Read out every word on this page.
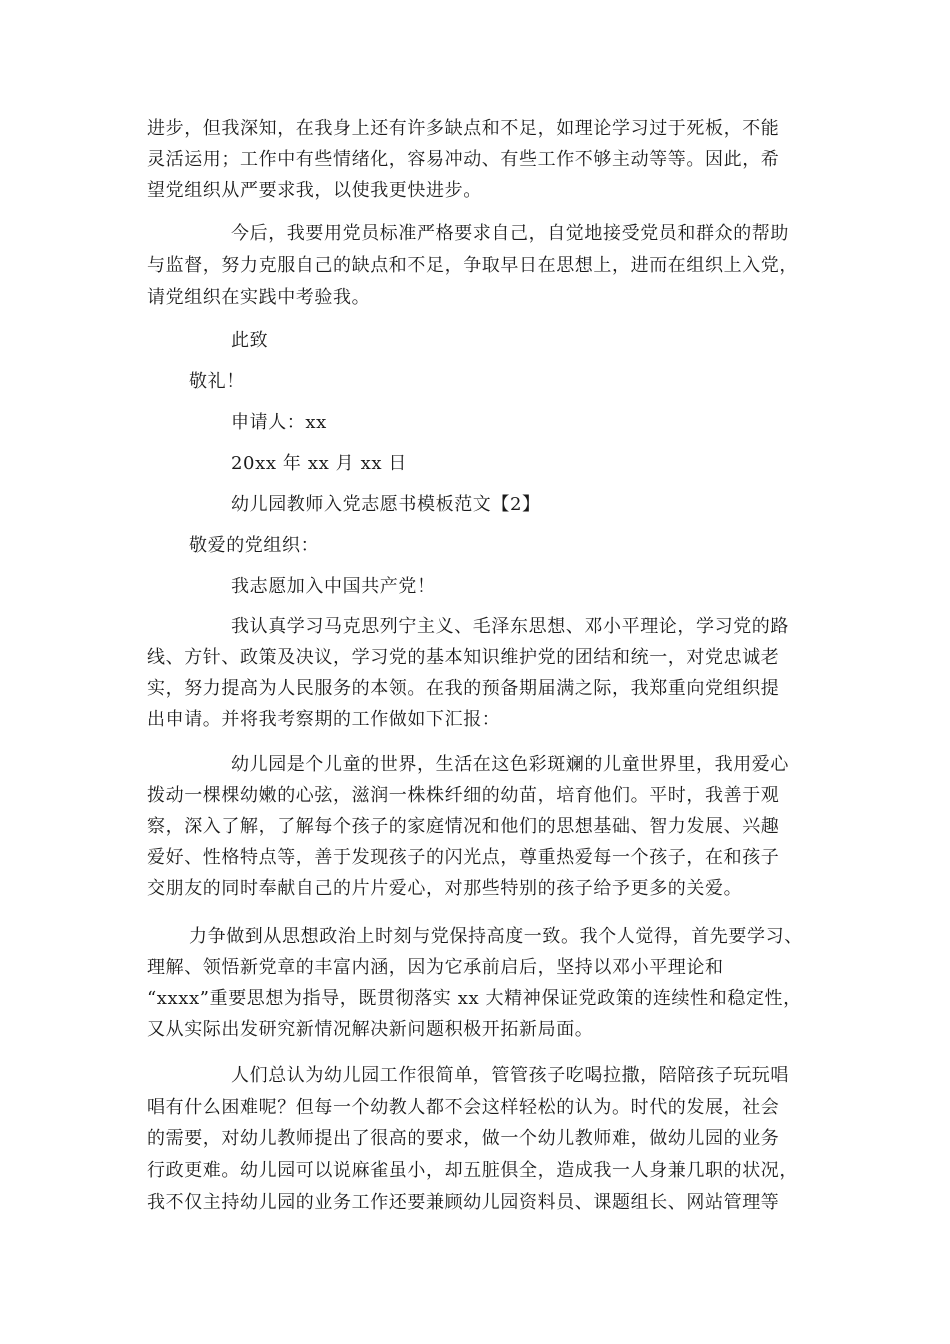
进步，但我深知，在我身上还有许多缺点和不足，如理论学习过于死板，不能
灵活运用；工作中有些情绪化，容易冲动、有些工作不够主动等等。因此，希
望党组织从严要求我，以使我更快进步。
今后，我要用党员标准严格要求自己，自觉地接受党员和群众的帮助
与监督，努力克服自己的缺点和不足，争取早日在思想上，进而在组织上入党，
请党组织在实践中考验我。
此致
敬礼！
申请人：xx
20xx 年 xx 月 xx 日
幼儿园教师入党志愿书模板范文【2】
敬爱的党组织：
我志愿加入中国共产党！
我认真学习马克思列宁主义、毛泽东思想、邓小平理论，学习党的路
线、方针、政策及决议，学习党的基本知识维护党的团结和统一，对党忠诚老
实，努力提高为人民服务的本领。在我的预备期届满之际，我郑重向党组织提
出申请。并将我考察期的工作做如下汇报：
幼儿园是个儿童的世界，生活在这色彩斑斓的儿童世界里，我用爱心
拨动一棵棵幼嫩的心弦，滋润一株株纤细的幼苗，培育他们。平时，我善于观
察，深入了解，了解每个孩子的家庭情况和他们的思想基础、智力发展、兴趣
爱好、性格特点等，善于发现孩子的闪光点，尊重热爱每一个孩子，在和孩子
交朋友的同时奉献自己的片片爱心，对那些特别的孩子给予更多的关爱。
力争做到从思想政治上时刻与党保持高度一致。我个人觉得，首先要学习、
理解、领悟新党章的丰富内涵，因为它承前启后，坚持以邓小平理论和
“xxxx”重要思想为指导，既贯彻落实 xx 大精神保证党政策的连续性和稳定性，
又从实际出发研究新情况解决新问题积极开拓新局面。
人们总认为幼儿园工作很简单，管管孩子吃喝拉撒，陪陪孩子玩玩唱
唱有什么困难呢？但每一个幼教人都不会这样轻松的认为。时代的发展，社会
的需要，对幼儿教师提出了很高的要求，做一个幼儿教师难，做幼儿园的业务
行政更难。幼儿园可以说麻雀虽小，却五脏俱全，造成我一人身兼几职的状况，
我不仅主持幼儿园的业务工作还要兼顾幼儿园资料员、课题组长、网站管理等
